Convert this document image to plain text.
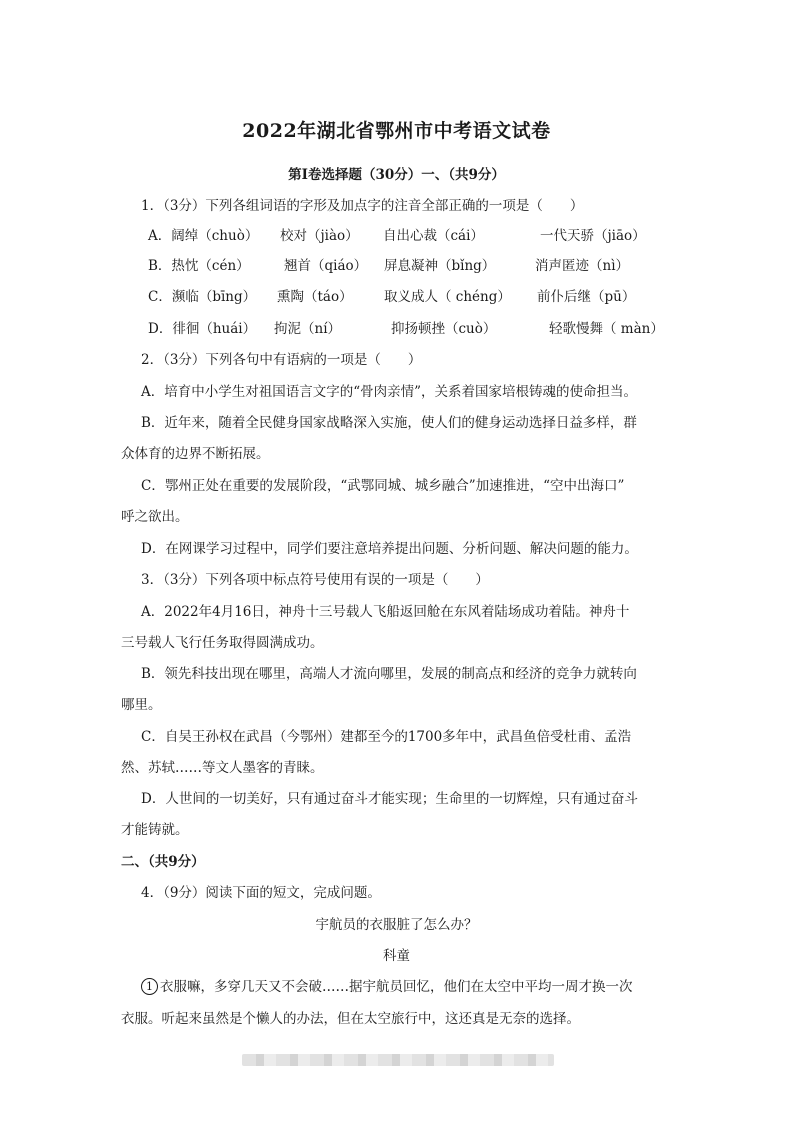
2022年湖北省鄂州市中考语文试卷
第Ⅰ卷选择题（30分）一、（共9分）
1．（3分）下列各组词语的字形及加点字的注音全部正确的一项是（　　）
A．阔绰（chuò） 校对（jiào） 自出心裁（cái）	一代天骄（jiāo）
B．热忱（cén）	翘首（qiáo） 屏息凝神（bǐng）	消声匿迹（nì）
C．濒临（bīng） 熏陶（táo） 取义成人（ chéng） 前仆后继（pū）
D．徘徊（huái） 拘泥（ní）	抑扬顿挫（cuò）	轻歌慢舞（ màn）
2．（3分）下列各句中有语病的一项是（　　）
A．培育中小学生对祖国语言文字的“骨肉亲情”，关系着国家培根铸魂的使命担当。
B．近年来，随着全民健身国家战略深入实施，使人们的健身运动选择日益多样，群
众体育的边界不断拓展。
C．鄂州正处在重要的发展阶段，“武鄂同城、城乡融合”加速推进，“空中出海口”
呼之欲出。
D．在网课学习过程中，同学们要注意培养提出问题、分析问题、解决问题的能力。
3．（3分）下列各项中标点符号使用有误的一项是（　　）
A．2022年4月16日，神舟十三号载人飞船返回舱在东风着陆场成功着陆。神舟十
三号载人飞行任务取得圆满成功。
B．领先科技出现在哪里，高端人才流向哪里，发展的制高点和经济的竞争力就转向
哪里。
C．自吴王孙权在武昌（今鄂州）建都至今的1700多年中，武昌鱼倍受杜甫、孟浩
然、苏轼……等文人墨客的青睐。
D．人世间的一切美好，只有通过奋斗才能实现；生命里的一切辉煌，只有通过奋斗
才能铸就。
二、（共9分）
4．（9分）阅读下面的短文，完成问题。
宇航员的衣服脏了怎么办？
科童
1 衣服嘛，多穿几天又不会破……据宇航员回忆，他们在太空中平均一周才换一次
衣服。听起来虽然是个懒人的办法，但在太空旅行中，这还真是无奈的选择。
